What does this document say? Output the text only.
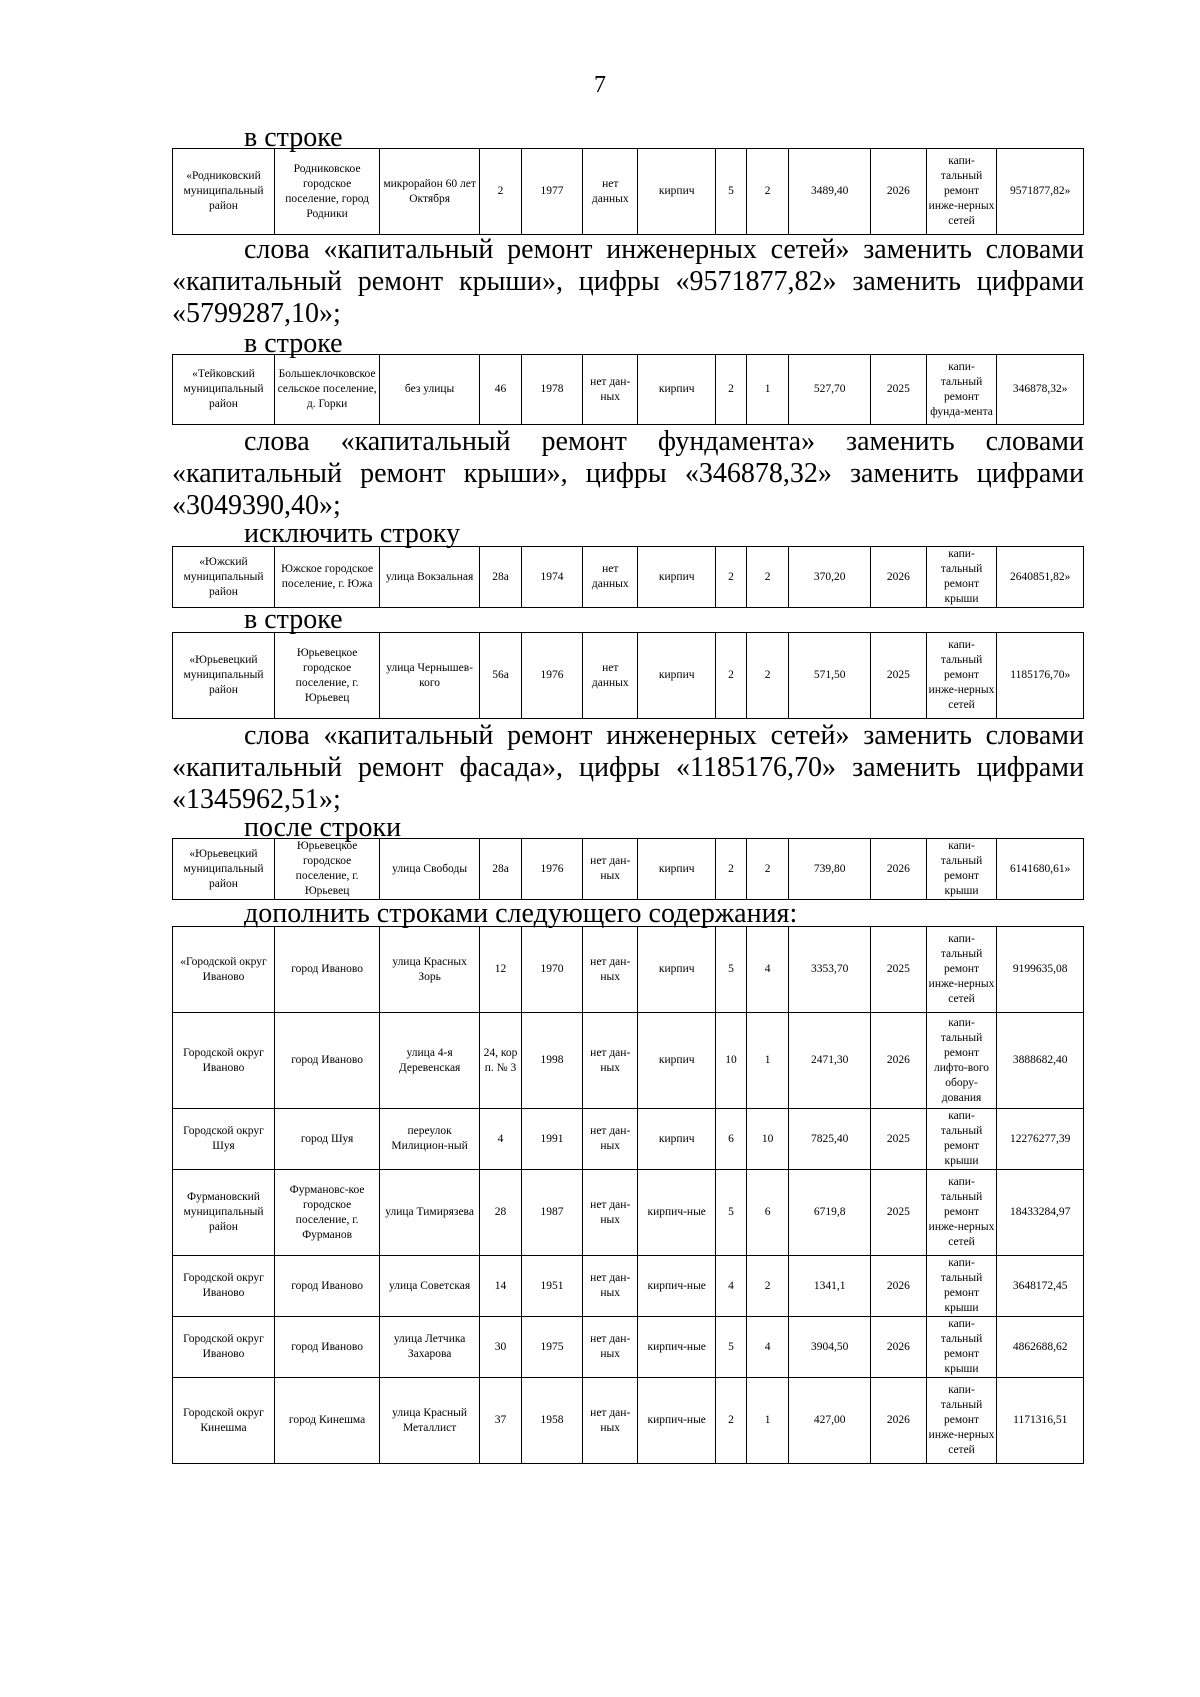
7
в строке
«Родниковский муниципальный район	Родниковское городское поселение, город Родники	микрорайон 60 лет Октября	2	1977	нет данных	кирпич	5	2	3489,40	2026	капи-тальный ремонт инже-нерных сетей	9571877,82»
слова «капитальный ремонт инженерных сетей» заменить словами
«капитальный ремонт крыши», цифры «9571877,82» заменить цифрами
«5799287,10»;
в строке
«Тейковский муниципальный район	Большеклочковское сельское поселение, д. Горки	без улицы	46	1978	нет дан-ных	кирпич	2	1	527,70	2025	капи-тальный ремонт фунда-мента	346878,32»
слова «капитальный ремонт фундамента» заменить словами
«капитальный ремонт крыши», цифры «346878,32» заменить цифрами
«3049390,40»;
исключить строку
«Южский муниципальный район	Южское городское поселение, г. Южа	улица Вокзальная	28а	1974	нет данных	кирпич	2	2	370,20	2026	капи-тальный ремонт крыши	2640851,82»
в строке
«Юрьевецкий муниципальный район	Юрьевецкое городское поселение, г. Юрьевец	улица Чернышев-кого	56а	1976	нет данных	кирпич	2	2	571,50	2025	капи-тальный ремонт инже-нерных сетей	1185176,70»
слова «капитальный ремонт инженерных сетей» заменить словами
«капитальный ремонт фасада», цифры «1185176,70» заменить цифрами
«1345962,51»;
после строки
«Юрьевецкий муниципальный район	Юрьевецкое городское поселение, г. Юрьевец	улица Свободы	28а	1976	нет дан-ных	кирпич	2	2	739,80	2026	капи-тальный ремонт крыши	6141680,61»
дополнить строками следующего содержания:
«Городской округ Иваново	город Иваново	улица Красных Зорь	12	1970	нет дан-ных	кирпич	5	4	3353,70	2025	капи-тальный ремонт инже-нерных сетей	9199635,08
Городской округ Иваново	город Иваново	улица 4-я Деревенская	24, кор п. № 3	1998	нет дан-ных	кирпич	10	1	2471,30	2026	капи-тальный ремонт лифто-вого обору-дования	3888682,40
Городской округ Шуя	город Шуя	переулок Милицион-ный	4	1991	нет дан-ных	кирпич	6	10	7825,40	2025	капи-тальный ремонт крыши	12276277,39
Фурмановский муниципальный район	Фурмановс-кое городское поселение, г. Фурманов	улица Тимирязева	28	1987	нет дан-ных	кирпич-ные	5	6	6719,8	2025	капи-тальный ремонт инже-нерных сетей	18433284,97
Городской округ Иваново	город Иваново	улица Советская	14	1951	нет дан-ных	кирпич-ные	4	2	1341,1	2026	капи-тальный ремонт крыши	3648172,45
Городской округ Иваново	город Иваново	улица Летчика Захарова	30	1975	нет дан-ных	кирпич-ные	5	4	3904,50	2026	капи-тальный ремонт крыши	4862688,62
Городской округ Кинешма	город Кинешма	улица Красный Металлист	37	1958	нет дан-ных	кирпич-ные	2	1	427,00	2026	капи-тальный ремонт инже-нерных сетей	1171316,51
